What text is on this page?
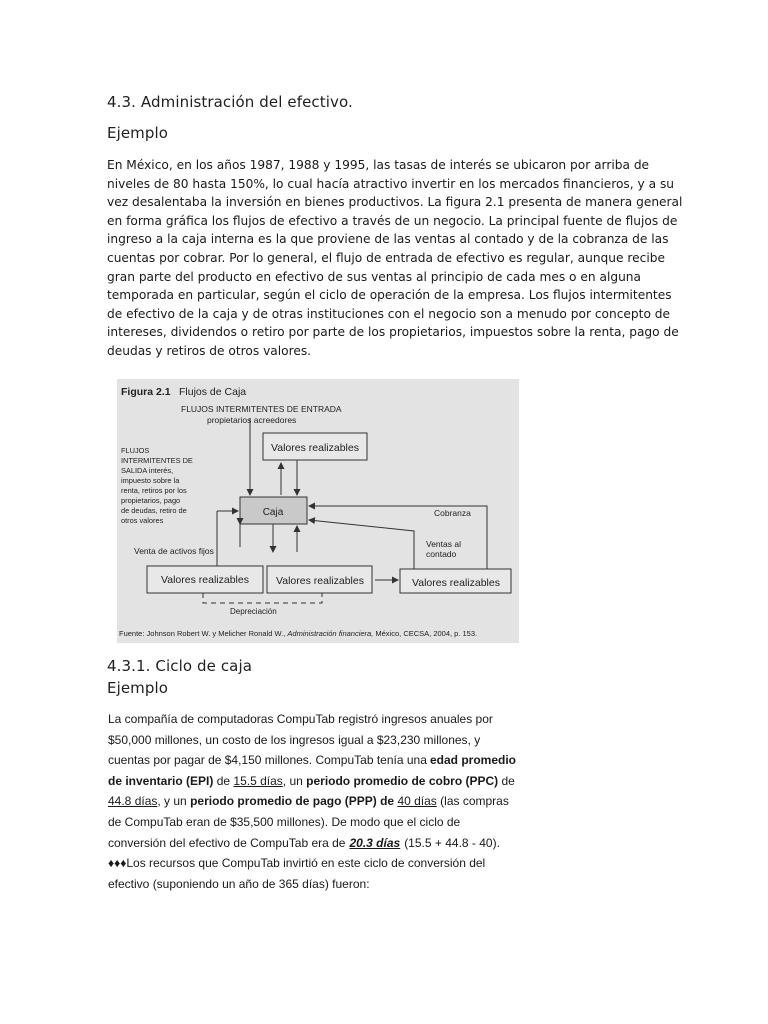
4.3. Administración del efectivo.
Ejemplo
En México, en los años 1987, 1988 y 1995, las tasas de interés se ubicaron por arriba de
niveles de 80 hasta 150%, lo cual hacía atractivo invertir en los mercados financieros, y a su
vez desalentaba la inversión en bienes productivos. La figura 2.1 presenta de manera general
en forma gráfica los flujos de efectivo a través de un negocio. La principal fuente de flujos de
ingreso a la caja interna es la que proviene de las ventas al contado y de la cobranza de las
cuentas por cobrar. Por lo general, el flujo de entrada de efectivo es regular, aunque recibe
gran parte del producto en efectivo de sus ventas al principio de cada mes o en alguna
temporada en particular, según el ciclo de operación de la empresa. Los flujos intermitentes
de efectivo de la caja y de otras instituciones con el negocio son a menudo por concepto de
intereses, dividendos o retiro por parte de los propietarios, impuestos sobre la renta, pago de
deudas y retiros de otros valores.
Figura 2.1 Flujos de Caja
FLUJOS INTERMITENTES DE ENTRADA
propietarios acreedores
Valores realizables
FLUJOS
INTERMITENTES DE
SALIDA interés,
impuesto sobre la
renta, retiros por los
propietarios, pago
de deudas, retiro de
otros valores
Caja	Cobranza
Ventas al
contado
Venta de activos fijos
Valores realizables	Valores realizables	Valores realizables
Depreciación
Fuente: Johnson Robert W. y Melicher Ronald W., Administración financiera, México, CECSA, 2004, p. 153.
4.3.1. Ciclo de caja
Ejemplo
La compañía de computadoras CompuTab registró ingresos anuales por
$50,000 millones, un costo de los ingresos igual a $23,230 millones, y
cuentas por pagar de $4,150 millones. CompuTab tenía una edad promedio
de inventario (EPI) de 15.5 días, un periodo promedio de cobro (PPC) de
44.8 días, y un periodo promedio de pago (PPP) de 40 días (las compras
de CompuTab eran de $35,500 millones). De modo que el ciclo de
conversión del efectivo de CompuTab era de 20.3 días (15.5 + 44.8 - 40).
♦♦♦Los recursos que CompuTab invirtió en este ciclo de conversión del
efectivo (suponiendo un año de 365 días) fueron:
